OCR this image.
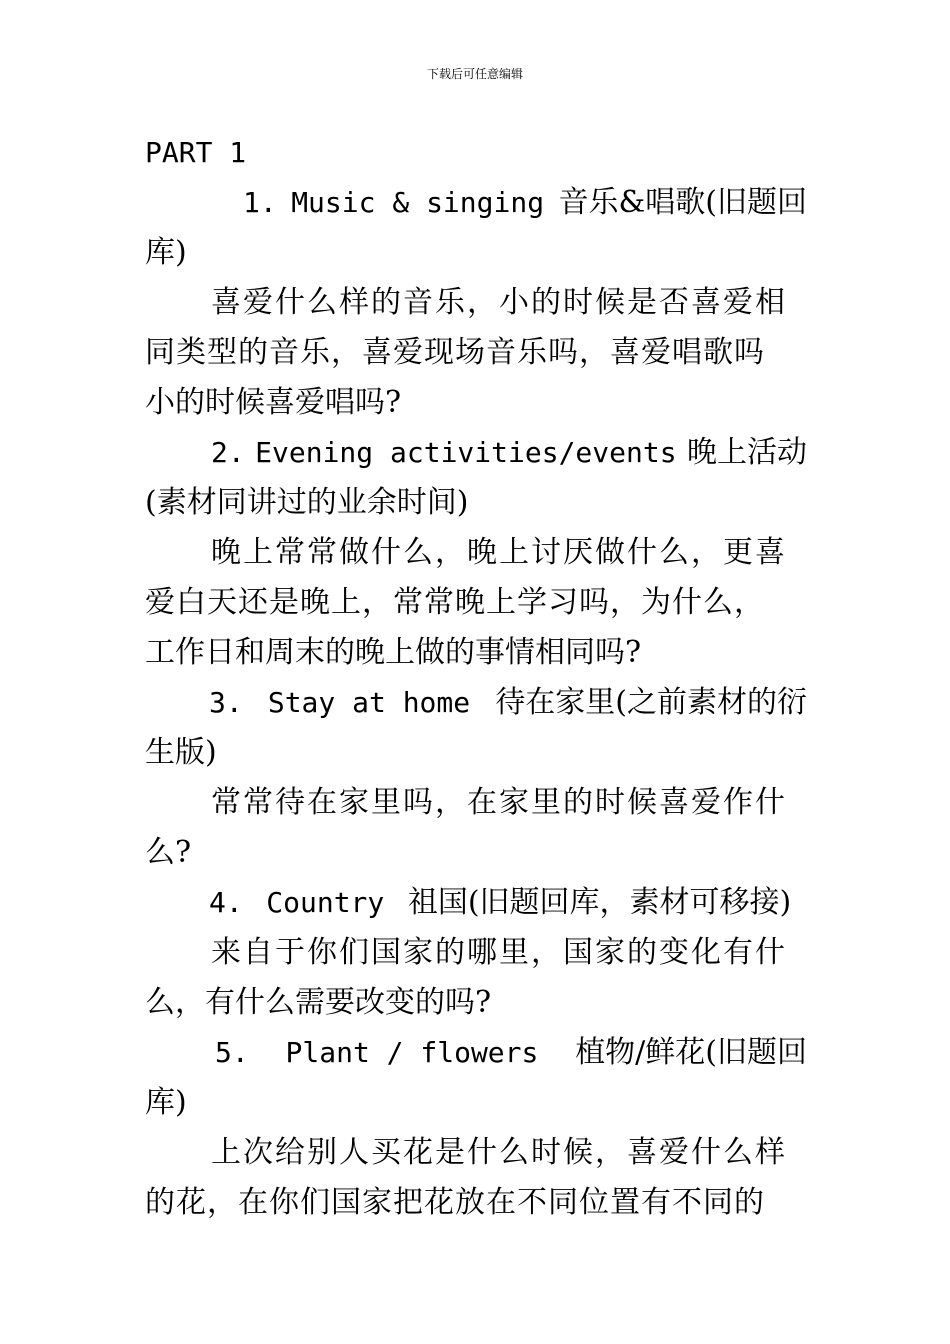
下载后可任意编辑
PART 1
1. Music & singing 音乐&唱歌(旧题回
库)
喜爱什么样的音乐，小的时候是否喜爱相
同类型的音乐，喜爱现场音乐吗，喜爱唱歌吗
小的时候喜爱唱吗?
2. Evening activities/events 晚上活动
(素材同讲过的业余时间)
晚上常常做什么，晚上讨厌做什么，更喜
爱白天还是晚上，常常晚上学习吗，为什么，
工作日和周末的晚上做的事情相同吗?
3. Stay at home 待在家里(之前素材的衍
生版)
常常待在家里吗，在家里的时候喜爱作什
么?
4. Country 祖国(旧题回库，素材可移接)
来自于你们国家的哪里，国家的变化有什
么，有什么需要改变的吗?
5. Plant / flowers 植物/鲜花(旧题回
库)
上次给别人买花是什么时候，喜爱什么样
的花，在你们国家把花放在不同位置有不同的
